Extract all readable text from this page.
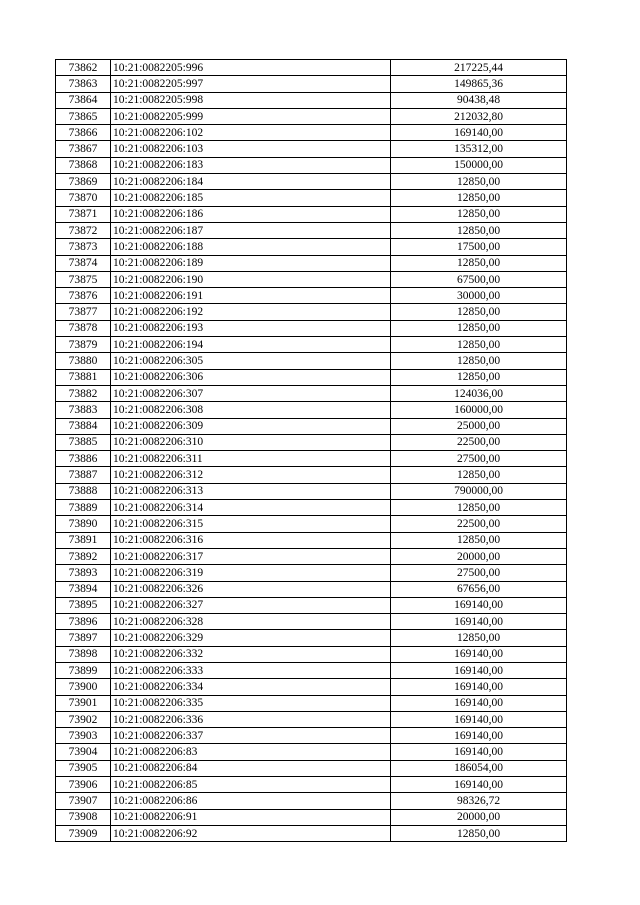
73862	10:21:0082205:996	217225,44
73863	10:21:0082205:997	149865,36
73864	10:21:0082205:998	90438,48
73865	10:21:0082205:999	212032,80
73866	10:21:0082206:102	169140,00
73867	10:21:0082206:103	135312,00
73868	10:21:0082206:183	150000,00
73869	10:21:0082206:184	12850,00
73870	10:21:0082206:185	12850,00
73871	10:21:0082206:186	12850,00
73872	10:21:0082206:187	12850,00
73873	10:21:0082206:188	17500,00
73874	10:21:0082206:189	12850,00
73875	10:21:0082206:190	67500,00
73876	10:21:0082206:191	30000,00
73877	10:21:0082206:192	12850,00
73878	10:21:0082206:193	12850,00
73879	10:21:0082206:194	12850,00
73880	10:21:0082206:305	12850,00
73881	10:21:0082206:306	12850,00
73882	10:21:0082206:307	124036,00
73883	10:21:0082206:308	160000,00
73884	10:21:0082206:309	25000,00
73885	10:21:0082206:310	22500,00
73886	10:21:0082206:311	27500,00
73887	10:21:0082206:312	12850,00
73888	10:21:0082206:313	790000,00
73889	10:21:0082206:314	12850,00
73890	10:21:0082206:315	22500,00
73891	10:21:0082206:316	12850,00
73892	10:21:0082206:317	20000,00
73893	10:21:0082206:319	27500,00
73894	10:21:0082206:326	67656,00
73895	10:21:0082206:327	169140,00
73896	10:21:0082206:328	169140,00
73897	10:21:0082206:329	12850,00
73898	10:21:0082206:332	169140,00
73899	10:21:0082206:333	169140,00
73900	10:21:0082206:334	169140,00
73901	10:21:0082206:335	169140,00
73902	10:21:0082206:336	169140,00
73903	10:21:0082206:337	169140,00
73904	10:21:0082206:83	169140,00
73905	10:21:0082206:84	186054,00
73906	10:21:0082206:85	169140,00
73907	10:21:0082206:86	98326,72
73908	10:21:0082206:91	20000,00
73909	10:21:0082206:92	12850,00
